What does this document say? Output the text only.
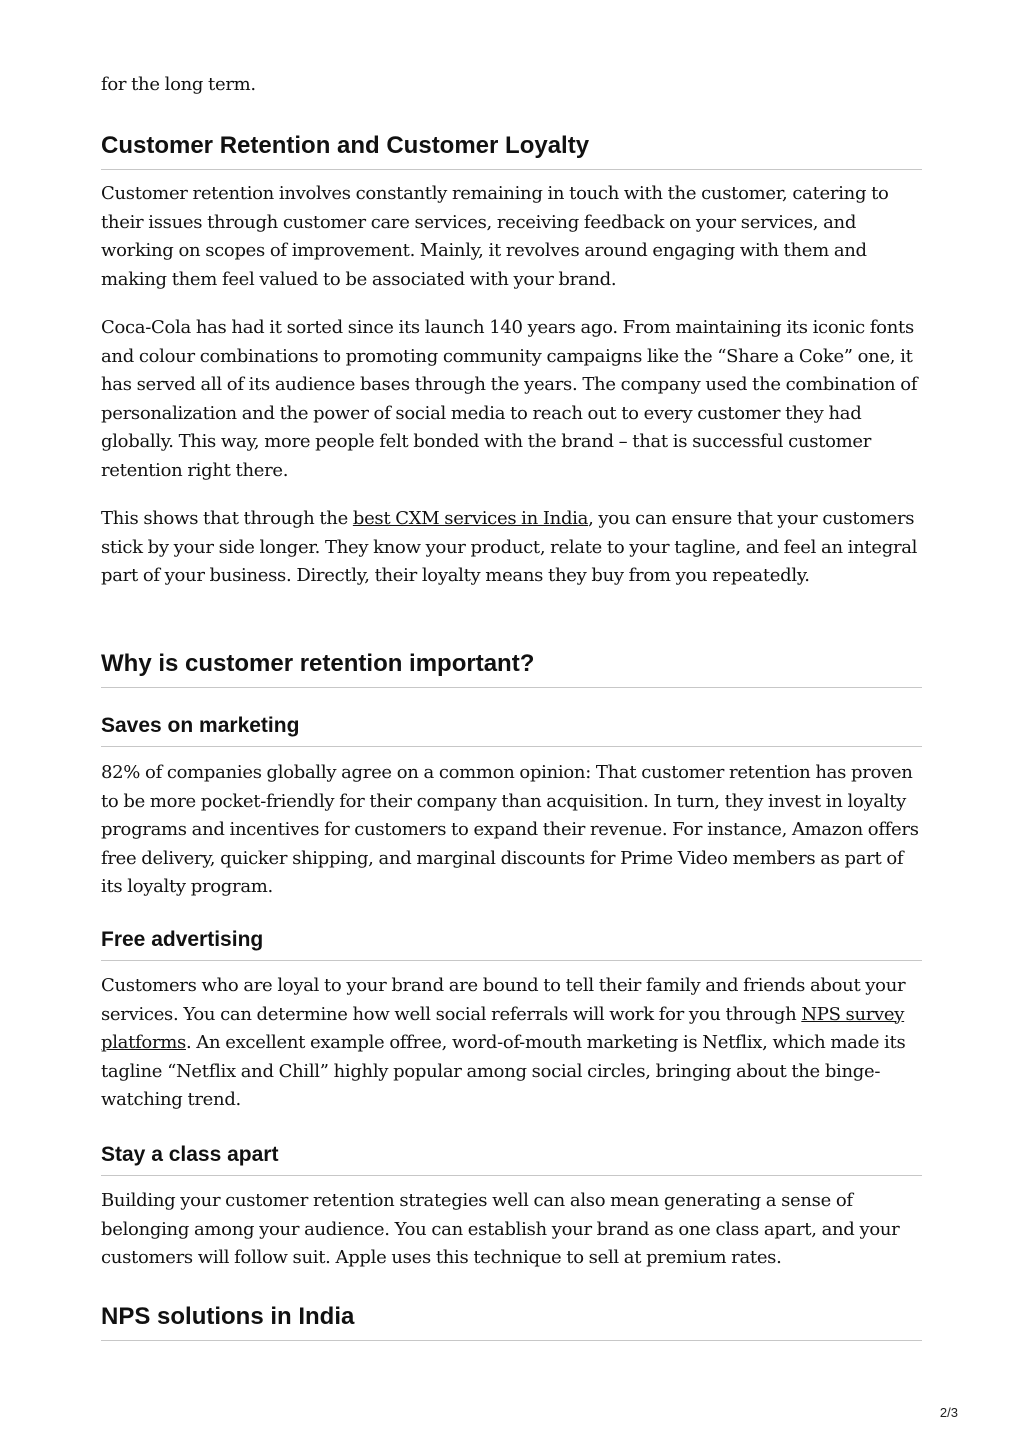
for the long term.

Customer Retention and Customer Loyalty

Customer retention involves constantly remaining in touch with the customer, catering to their issues through customer care services, receiving feedback on your services, and working on scopes of improvement. Mainly, it revolves around engaging with them and making them feel valued to be associated with your brand.

Coca-Cola has had it sorted since its launch 140 years ago. From maintaining its iconic fonts and colour combinations to promoting community campaigns like the “Share a Coke” one, it has served all of its audience bases through the years. The company used the combination of personalization and the power of social media to reach out to every customer they had globally. This way, more people felt bonded with the brand – that is successful customer retention right there.

This shows that through the best CXM services in India, you can ensure that your customers stick by your side longer. They know your product, relate to your tagline, and feel an integral part of your business. Directly, their loyalty means they buy from you repeatedly.

Why is customer retention important?
Saves on marketing

82% of companies globally agree on a common opinion: That customer retention has proven to be more pocket-friendly for their company than acquisition. In turn, they invest in loyalty programs and incentives for customers to expand their revenue. For instance, Amazon offers free delivery, quicker shipping, and marginal discounts for Prime Video members as part of its loyalty program.

Free advertising

Customers who are loyal to your brand are bound to tell their family and friends about your services. You can determine how well social referrals will work for you through NPS survey platforms. An excellent example offree, word-of-mouth marketing is Netflix, which made its tagline “Netflix and Chill” highly popular among social circles, bringing about the binge-watching trend.

Stay a class apart

Building your customer retention strategies well can also mean generating a sense of belonging among your audience. You can establish your brand as one class apart, and your customers will follow suit. Apple uses this technique to sell at premium rates.

NPS solutions in India
2/3
